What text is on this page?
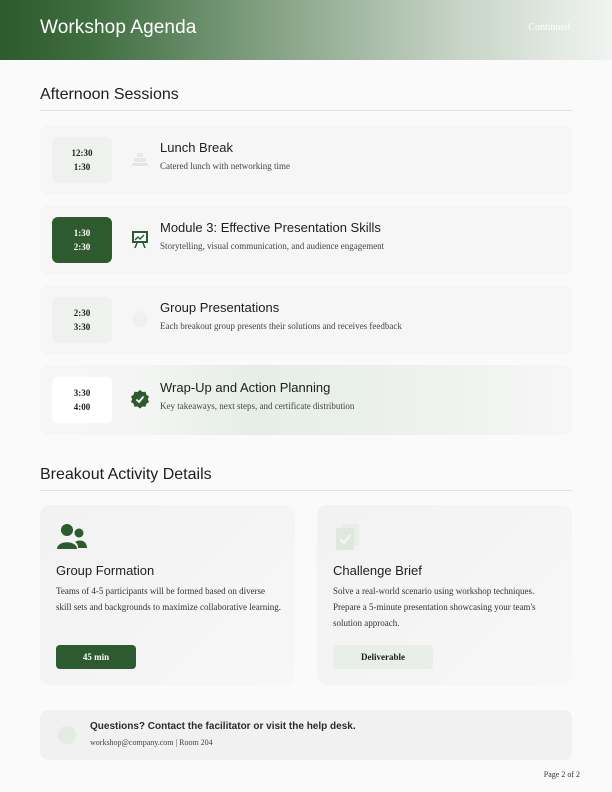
Workshop Agenda	Continued
Afternoon Sessions
12:30
1:30
Lunch Break
Catered lunch with networking time
1:30
2:30
Module 3: Effective Presentation Skills
Storytelling, visual communication, and audience engagement
2:30
3:30
Group Presentations
Each breakout group presents their solutions and receives feedback
3:30
4:00
Wrap-Up and Action Planning
Key takeaways, next steps, and certificate distribution
Breakout Activity Details
Group Formation
Teams of 4-5 participants will be formed based on diverse skill sets and backgrounds to maximize collaborative learning.
45 min
Challenge Brief
Solve a real-world scenario using workshop techniques. Prepare a 5-minute presentation showcasing your team's solution approach.
Deliverable
Questions? Contact the facilitator or visit the help desk.
workshop@company.com | Room 204
Page 2 of 2
